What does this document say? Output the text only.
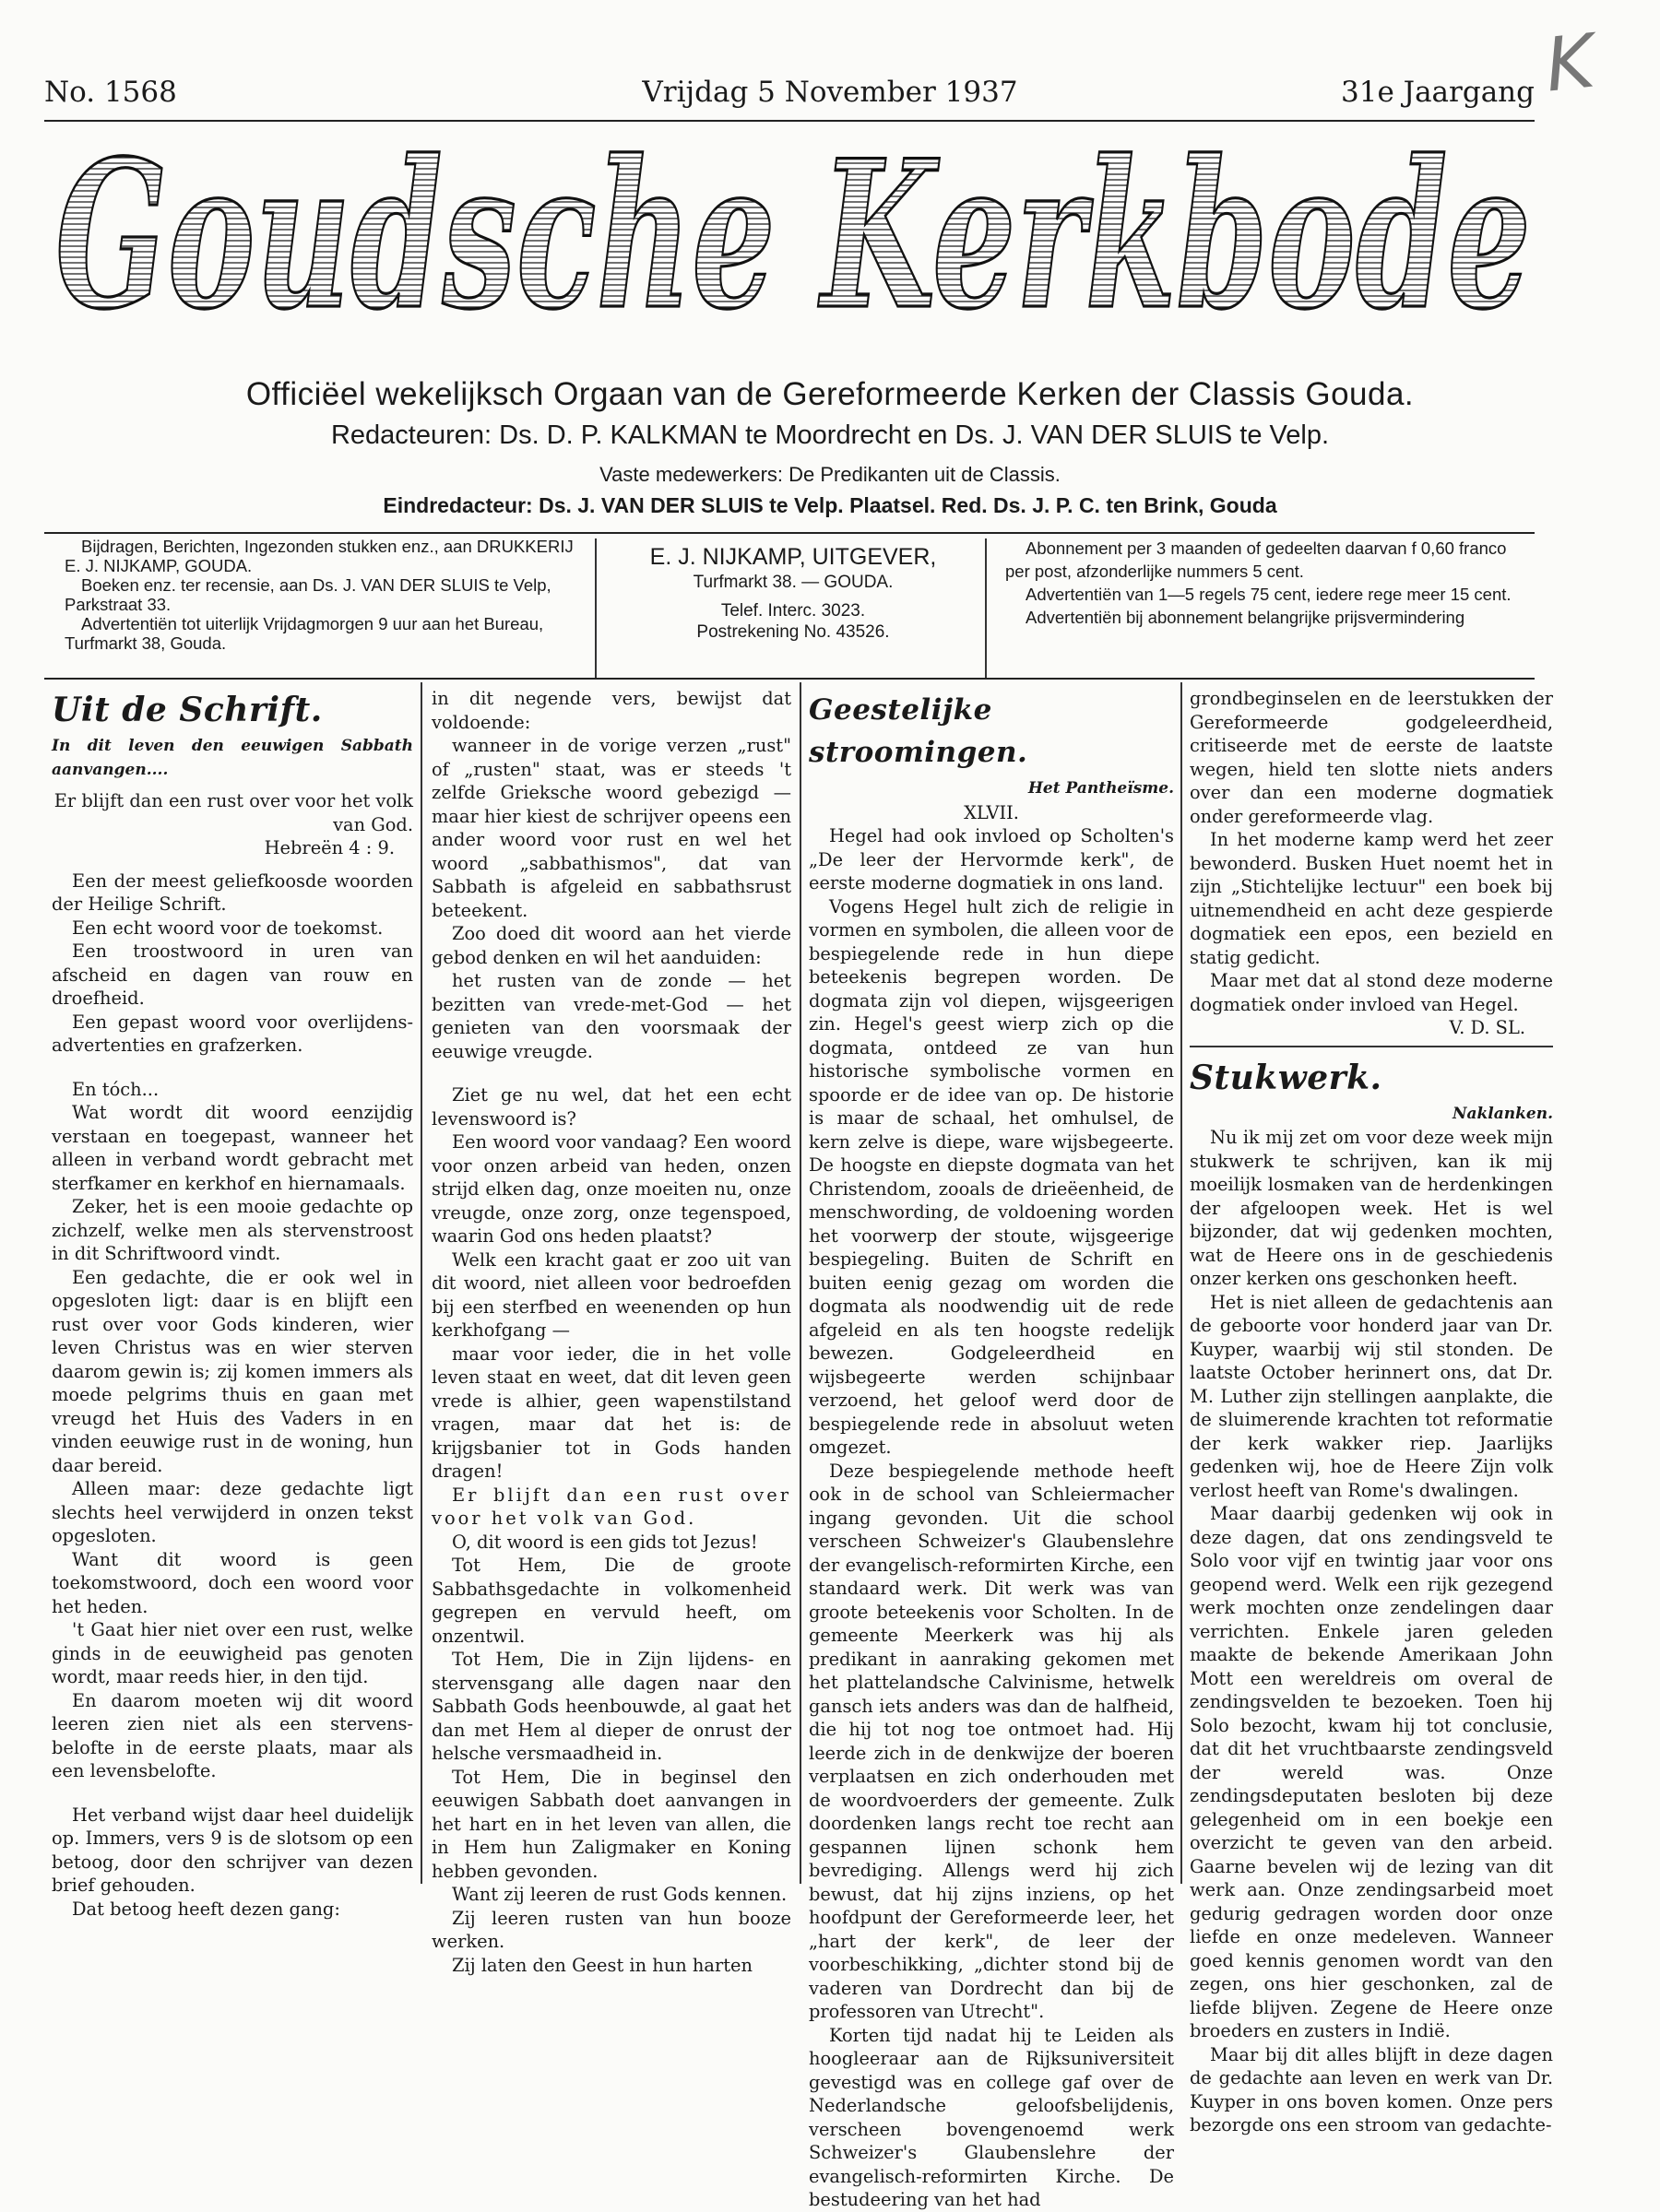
No. 1568	Vrijdag 5 November 1937	31e Jaargang K
Goudsche Kerkbode
Officiëel wekelijksch Orgaan van de Gereformeerde Kerken der Classis Gouda.
Redacteuren: Ds. D. P. KALKMAN te Moordrecht en Ds. J. VAN DER SLUIS te Velp.
Vaste medewerkers: De Predikanten uit de Classis.
Eindredacteur: Ds. J. VAN DER SLUIS te Velp. Plaatsel. Red. Ds. J. P. C. ten Brink, Gouda
Bijdragen, Berichten, Ingezonden stukken enz., aan DRUKKERIJ E. J. NIJKAMP, GOUDA.
Boeken enz. ter recensie, aan Ds. J. VAN DER SLUIS te Velp, Parkstraat 33.
Advertentiën tot uiterlijk Vrijdagmorgen 9 uur aan het Bureau, Turfmarkt 38, Gouda.
E. J. NIJKAMP, UITGEVER,
Turfmarkt 38. — GOUDA.
Telef. Interc. 3023.
Postrekening No. 43526.
Abonnement per 3 maanden of gedeelten daarvan f 0,60 franco per post, afzonderlijke nummers 5 cent.
Advertentiën van 1—5 regels 75 cent, iedere rege meer 15 cent.
Advertentiën bij abonnement belangrijke prijsvermindering

Uit de Schrift.

In dit leven den eeuwigen Sabbath aanvangen....

Er blijft dan een rust over voor het volk van God.

Hebreën 4 : 9.

Een der meest geliefkoosde woorden der Heilige Schrift.

Een echt woord voor de toekomst.

Een troostwoord in uren van afscheid en dagen van rouw en droefheid.

Een gepast woord voor overlijdens-advertenties en grafzerken.

En tóch...

Wat wordt dit woord eenzijdig verstaan en toegepast, wanneer het alleen in verband wordt gebracht met sterfkamer en kerkhof en hiernamaals.

Zeker, het is een mooie gedachte op zichzelf, welke men als stervenstroost in dit Schriftwoord vindt.

Een gedachte, die er ook wel in opgesloten ligt: daar is en blijft een rust over voor Gods kinderen, wier leven Christus was en wier sterven daarom gewin is; zij komen immers als moede pelgrims thuis en gaan met vreugd het Huis des Vaders in en vinden eeuwige rust in de woning, hun daar bereid.

Alleen maar: deze gedachte ligt slechts heel verwijderd in onzen tekst opgesloten.

Want dit woord is geen toekomstwoord, doch een woord voor het heden.

't Gaat hier niet over een rust, welke ginds in de eeuwigheid pas genoten wordt, maar reeds hier, in den tijd.

En daarom moeten wij dit woord leeren zien niet als een stervens-belofte in de eerste plaats, maar als een levensbelofte.

Het verband wijst daar heel duidelijk op. Immers, vers 9 is de slotsom op een betoog, door den schrijver van dezen brief gehouden.

Dat betoog heeft dezen gang:

in dit negende vers, bewijst dat voldoende:

wanneer in de vorige verzen „rust" of „rusten" staat, was er steeds 't zelfde Grieksche woord gebezigd — maar hier kiest de schrijver opeens een ander woord voor rust en wel het woord „sabbathismos", dat van Sabbath is afgeleid en sabbathsrust beteekent.

Zoo doed dit woord aan het vierde gebod denken en wil het aanduiden:

het rusten van de zonde — het bezitten van vrede-met-God — het genieten van den voorsmaak der eeuwige vreugde.

Ziet ge nu wel, dat het een echt levenswoord is?

Een woord voor vandaag? Een woord voor onzen arbeid van heden, onzen strijd elken dag, onze moeiten nu, onze vreugde, onze zorg, onze tegenspoed, waarin God ons heden plaatst?

Welk een kracht gaat er zoo uit van dit woord, niet alleen voor bedroefden bij een sterfbed en weenenden op hun kerkhofgang —

maar voor ieder, die in het volle leven staat en weet, dat dit leven geen vrede is alhier, geen wapenstilstand vragen, maar dat het is: de krijgsbanier tot in Gods handen dragen!

Er blijft dan een rust over voor het volk van God.

O, dit woord is een gids tot Jezus!

Tot Hem, Die de groote Sabbathsgedachte in volkomenheid gegrepen en vervuld heeft, om onzentwil.

Tot Hem, Die in Zijn lijdens- en stervensgang alle dagen naar den Sabbath Gods heenbouwde, al gaat het dan met Hem al dieper de onrust der helsche versmaadheid in.

Tot Hem, Die in beginsel den eeuwigen Sabbath doet aanvangen in het hart en in het leven van allen, die in Hem hun Zaligmaker en Koning hebben gevonden.

Want zij leeren de rust Gods kennen.

Zij leeren rusten van hun booze werken.

Zij laten den Geest in hun harten

Geestelijke stroomingen.

Het Pantheïsme.

XLVII.

Hegel had ook invloed op Scholten's „De leer der Hervormde kerk", de eerste moderne dogmatiek in ons land.

Vogens Hegel hult zich de religie in vormen en symbolen, die alleen voor de bespiegelende rede in hun diepe beteekenis begrepen worden. De dogmata zijn vol diepen, wijsgeerigen zin. Hegel's geest wierp zich op die dogmata, ontdeed ze van hun historische symbolische vormen en spoorde er de idee van op. De historie is maar de schaal, het omhulsel, de kern zelve is diepe, ware wijsbegeerte. De hoogste en diepste dogmata van het Christendom, zooals de drieëenheid, de menschwording, de voldoening worden het voorwerp der stoute, wijsgeerige bespiegeling. Buiten de Schrift en buiten eenig gezag om worden die dogmata als noodwendig uit de rede afgeleid en als ten hoogste redelijk bewezen. Godgeleerdheid en wijsbegeerte werden schijnbaar verzoend, het geloof werd door de bespiegelende rede in absoluut weten omgezet.

Deze bespiegelende methode heeft ook in de school van Schleiermacher ingang gevonden. Uit die school verscheen Schweizer's Glaubenslehre der evangelisch-reformirten Kirche, een standaard werk. Dit werk was van groote beteekenis voor Scholten. In de gemeente Meerkerk was hij als predikant in aanraking gekomen met het plattelandsche Calvinisme, hetwelk gansch iets anders was dan de halfheid, die hij tot nog toe ontmoet had. Hij leerde zich in de denkwijze der boeren verplaatsen en zich onderhouden met de woordvoerders der gemeente. Zulk doordenken langs recht toe recht aan gespannen lijnen schonk hem bevrediging. Allengs werd hij zich bewust, dat hij zijns inziens, op het hoofdpunt der Gereformeerde leer, het „hart der kerk", de leer der voorbeschikking, „dichter stond bij de vaderen van Dordrecht dan bij de professoren van Utrecht".

Korten tijd nadat hij te Leiden als hoogleeraar aan de Rijksuniversiteit gevestigd was en college gaf over de Nederlandsche geloofsbelijdenis, verscheen bovengenoemd werk Schweizer's Glaubenslehre der evangelisch-reformirten Kirche. De bestudeering van het had

grondbeginselen en de leerstukken der Gereformeerde godgeleerdheid, critiseerde met de eerste de laatste wegen, hield ten slotte niets anders over dan een moderne dogmatiek onder gereformeerde vlag.

In het moderne kamp werd het zeer bewonderd. Busken Huet noemt het in zijn „Stichtelijke lectuur" een boek bij uitnemendheid en acht deze gespierde dogmatiek een epos, een bezield en statig gedicht.

Maar met dat al stond deze moderne dogmatiek onder invloed van Hegel.

V. D. SL.

Stukwerk.

Naklanken.

Nu ik mij zet om voor deze week mijn stukwerk te schrijven, kan ik mij moeilijk losmaken van de herdenkingen der afgeloopen week. Het is wel bijzonder, dat wij gedenken mochten, wat de Heere ons in de geschiedenis onzer kerken ons geschonken heeft.

Het is niet alleen de gedachtenis aan de geboorte voor honderd jaar van Dr. Kuyper, waarbij wij stil stonden. De laatste October herinnert ons, dat Dr. M. Luther zijn stellingen aanplakte, die de sluimerende krachten tot reformatie der kerk wakker riep. Jaarlijks gedenken wij, hoe de Heere Zijn volk verlost heeft van Rome's dwalingen.

Maar daarbij gedenken wij ook in deze dagen, dat ons zendingsveld te Solo voor vijf en twintig jaar voor ons geopend werd. Welk een rijk gezegend werk mochten onze zendelingen daar verrichten. Enkele jaren geleden maakte de bekende Amerikaan John Mott een wereldreis om overal de zendingsvelden te bezoeken. Toen hij Solo bezocht, kwam hij tot conclusie, dat dit het vruchtbaarste zendingsveld der wereld was. Onze zendingsdeputaten besloten bij deze gelegenheid om in een boekje een overzicht te geven van den arbeid. Gaarne bevelen wij de lezing van dit werk aan. Onze zendingsarbeid moet gedurig gedragen worden door onze liefde en onze medeleven. Wanneer goed kennis genomen wordt van den zegen, ons hier geschonken, zal de liefde blijven. Zegene de Heere onze broeders en zusters in Indië.

Maar bij dit alles blijft in deze dagen de gedachte aan leven en werk van Dr. Kuyper in ons boven komen. Onze pers bezorgde ons een stroom van gedachte-
